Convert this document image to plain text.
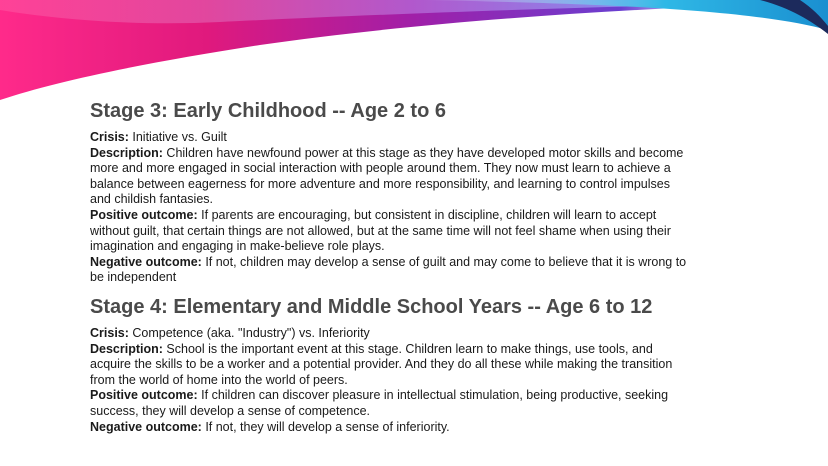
Stage 3: Early Childhood -- Age 2 to 6

Crisis: Initiative vs. Guilt

Description: Children have newfound power at this stage as they have developed motor skills and become more and more engaged in social interaction with people around them. They now must learn to achieve a balance between eagerness for more adventure and more responsibility, and learning to control impulses and childish fantasies.

Positive outcome: If parents are encouraging, but consistent in discipline, children will learn to accept without guilt, that certain things are not allowed, but at the same time will not feel shame when using their imagination and engaging in make-believe role plays.

Negative outcome: If not, children may develop a sense of guilt and may come to believe that it is wrong to be independent

Stage 4: Elementary and Middle School Years -- Age 6 to 12

Crisis: Competence (aka. "Industry") vs. Inferiority

Description: School is the important event at this stage. Children learn to make things, use tools, and acquire the skills to be a worker and a potential provider. And they do all these while making the transition from the world of home into the world of peers.

Positive outcome: If children can discover pleasure in intellectual stimulation, being productive, seeking success, they will develop a sense of competence.

Negative outcome: If not, they will develop a sense of inferiority.
